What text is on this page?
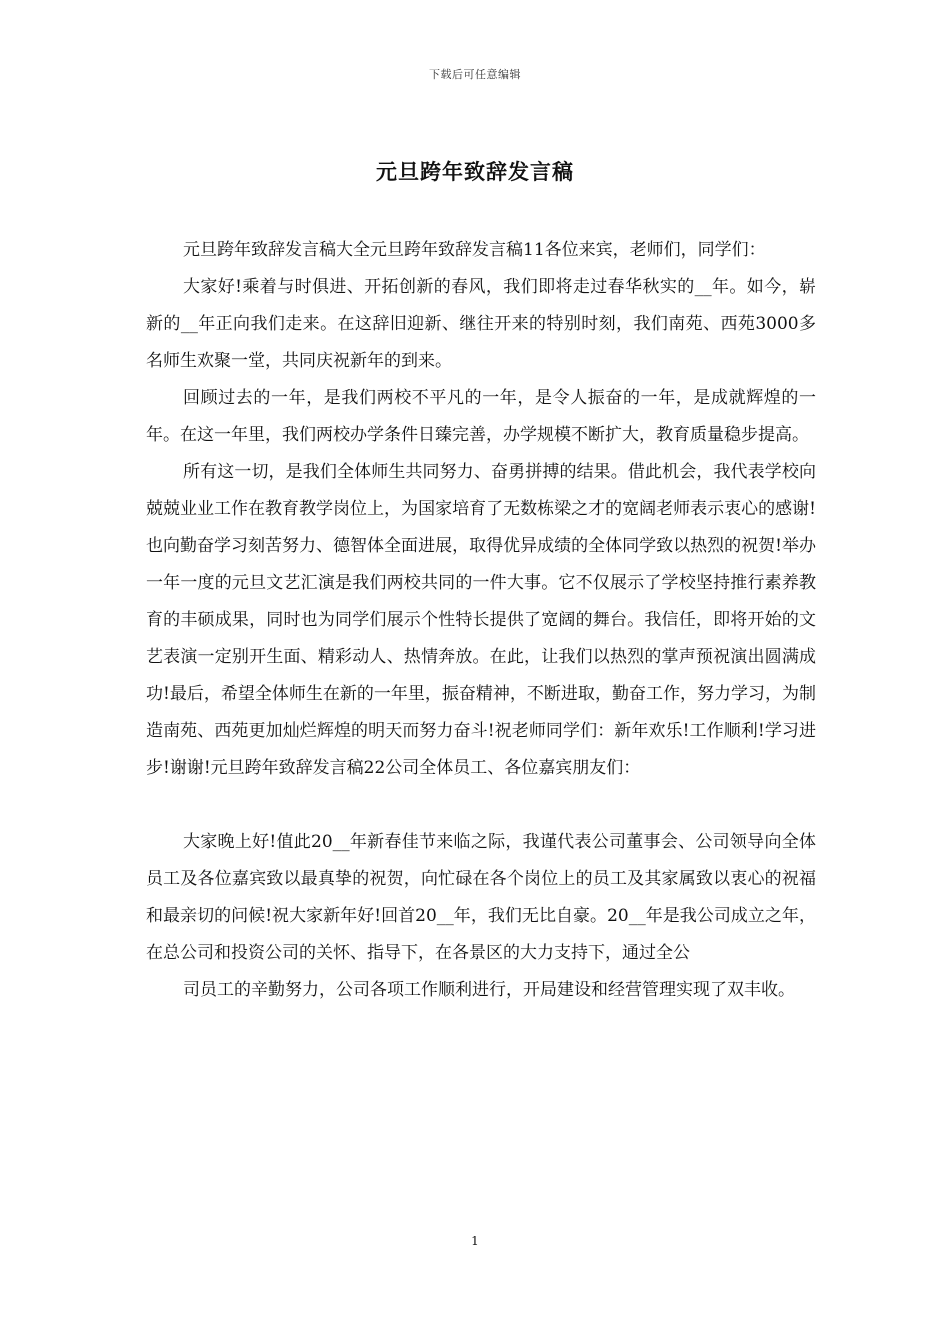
下载后可任意编辑
元旦跨年致辞发言稿

元旦跨年致辞发言稿大全元旦跨年致辞发言稿11各位来宾，老师们，同学们：

大家好!乘着与时俱进、开拓创新的春风，我们即将走过春华秋实的__年。如今，崭新的__年正向我们走来。在这辞旧迎新、继往开来的特别时刻，我们南苑、西苑3000多名师生欢聚一堂，共同庆祝新年的到来。

回顾过去的一年，是我们两校不平凡的一年，是令人振奋的一年，是成就辉煌的一年。在这一年里，我们两校办学条件日臻完善，办学规模不断扩大，教育质量稳步提高。

所有这一切，是我们全体师生共同努力、奋勇拼搏的结果。借此机会，我代表学校向兢兢业业工作在教育教学岗位上，为国家培育了无数栋梁之才的宽阔老师表示衷心的感谢!也向勤奋学习刻苦努力、德智体全面进展，取得优异成绩的全体同学致以热烈的祝贺!举办一年一度的元旦文艺汇演是我们两校共同的一件大事。它不仅展示了学校坚持推行素养教育的丰硕成果，同时也为同学们展示个性特长提供了宽阔的舞台。我信任，即将开始的文艺表演一定别开生面、精彩动人、热情奔放。在此，让我们以热烈的掌声预祝演出圆满成功!最后，希望全体师生在新的一年里，振奋精神，不断进取，勤奋工作，努力学习，为制造南苑、西苑更加灿烂辉煌的明天而努力奋斗!祝老师同学们：新年欢乐!工作顺利!学习进步!谢谢!元旦跨年致辞发言稿22公司全体员工、各位嘉宾朋友们：

大家晚上好!值此20__年新春佳节来临之际，我谨代表公司董事会、公司领导向全体员工及各位嘉宾致以最真挚的祝贺，向忙碌在各个岗位上的员工及其家属致以衷心的祝福和最亲切的问候!祝大家新年好!回首20__年，我们无比自豪。20__年是我公司成立之年，在总公司和投资公司的关怀、指导下，在各景区的大力支持下，通过全公

司员工的辛勤努力，公司各项工作顺利进行，开局建设和经营管理实现了双丰收。

1
